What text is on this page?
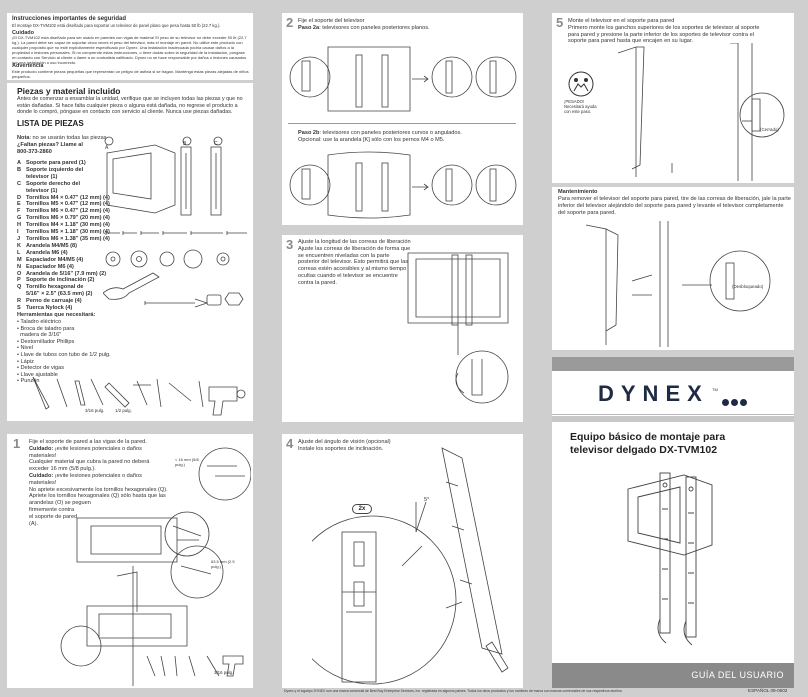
Instrucciones importantes de seguridad
El montaje DX-TVM102 está diseñado para soportar un televisor de panel plano que pesa hasta 50 lb (22.7 kg.).
Cuidado
¡El DX-TVM102 está diseñado para ser usado en paredes con vigas de madera! El peso de su televisor no debe exceder 50 lb (22.7 kg.). La pared debe ser capaz de soportar cinco veces el peso del televisor, más el montaje en pared. No utilice este producto con cualquier propósito que no esté explícitamente especificado por Dynex. Una instalación inadecuada podría causar daños a la propiedad o lesiones personales. Si no comprende estas instrucciones, o tiene dudas sobre la seguridad de la instalación, póngase en contacto con Servicio al cliente o llame a un contratista calificado. Dynex no se hace responsable por daños o lesiones causados por una instalación o uso incorrecto.
Advertencia
Este producto contiene piezas pequeñas que representan un peligro de asfixia si se tragan. Manténga estas piezas alejadas de niños pequeños.
Piezas y material incluido
Antes de comenzar a ensamblar la unidad, verifique que se incluyen todas las piezas y que no están dañadas. Si hace falta cualquier pieza o alguna está dañada, no regrese el producto a donde lo compró, póngase en contacto con servicio al cliente. Nunca use piezas dañadas.
LISTA DE PIEZAS
Nota: no se usarán todas las piezas
¿Faltan piezas? Llame al
800-373-2860
A Soporte para pared (1)
B Soporte izquierdo del
televisor (1)
C Soporte derecho del
televisor (1)
D Tornillos M4 × 0.47" (12 mm) (4)
E Tornillos M5 × 0.47" (12 mm) (4)
F Tornillos M6 × 0.47" (12 mm) (4)
G Tornillos M6 × 0.79" (20 mm) (4)
H Tornillos M4 × 1.18" (30 mm) (4)
I Tornillos M5 × 1.18" (30 mm) (4)
J Tornillos M6 × 1.38" (35 mm) (4)
K Arandela M4/M5 (8)
L Arandela M6 (4)
M Espaciador M4/M5 (4)
N Espaciador M6 (4)
O Arandela de 5/16" (7.9 mm) (2)
P Soporte de inclinación (2)
Q Tornillo hexagonal de
5/16" × 2.5" (63.5 mm) (2)
R Perno de carruaje (4)
S Tuerca Nylock (4)
Herramientas que necesitará:
• Taladro eléctrico
• Broca de taladro para
madera de 3/16"
• Destornillador Phillips
• Nivel
• Llave de tubos con tubo de 1/2 pulg.
• Lápiz
• Detector de vigas
• Llave ajustable
• Punzón
A
B	C
3/16 pulg. 1/2 pulg.
1 Fije el soporte de pared a las vigas de la pared.
Cuidado: ¡evite lesiones potenciales o daños materiales!
Cualquier material que cubra la pared no deberá
exceder 16 mm (5/8 pulg.).
Cuidado: ¡evite lesiones potenciales o daños materiales!
No apriete excesivamente los tornillos hexagonales (Q).
Apriete los tornillos hexagonales (Q) sólo hasta que las
arandelas (O) se peguen
firmemente contra
el soporte de pared
(A).
< 16 mm (5/8 pulg.)
63.5 mm (2.5 pulg.)
3/16 pulg.
2 Fije el soporte del televisor
Paso 2a: televisores con paneles posteriores planos.
Paso 2b: televisores con paneles posteriores curvos o angulados.
Opcional: use la arandela [K] sólo con los pernos M4 o M5.
3 Ajuste la longitud de las correas de liberación
Ajuste las correas de liberación de forma que
se encuentren niveladas con la parte
posterior del televisor. Esto permitirá que las
correas estén accesibles y al mismo tiempo
ocultas cuando el televisor se encuentre
contra la pared.
4 Ajuste del ángulo de visión (opcional)
Instale los soportes de inclinación.
2x
5°
5 Monte el televisor en el soporte para pared
Primero monte los ganchos superiores de los soportes de televisor al soporte
para pared y presione la parte inferior de los soportes de televisor contra el
soporte para pared hasta que encajen en su lugar.
¡PESADO! Necesitará ayuda con este paso.
(Cerrado)
Mantenimiento
Para remover el televisor del soporte para pared, tire de las correas de liberación, jale la parte
inferior del televisor alejándolo del soporte para pared y levante el televisor completamente
del soporte para pared.
(Desbloqueado)
DYNEX TM
Equipo básico de montaje para
televisor delgado DX-TVM102
GUÍA DEL USUARIO
Dynex y el logotipo DYNEX son una marca comercial de Best Buy Enterprise Services, Inc. registrada en algunos países. Todos los otros productos y los nombres de marca son marcas comerciales de sus respectivos dueños.	ESPAÑOL 09-0602
